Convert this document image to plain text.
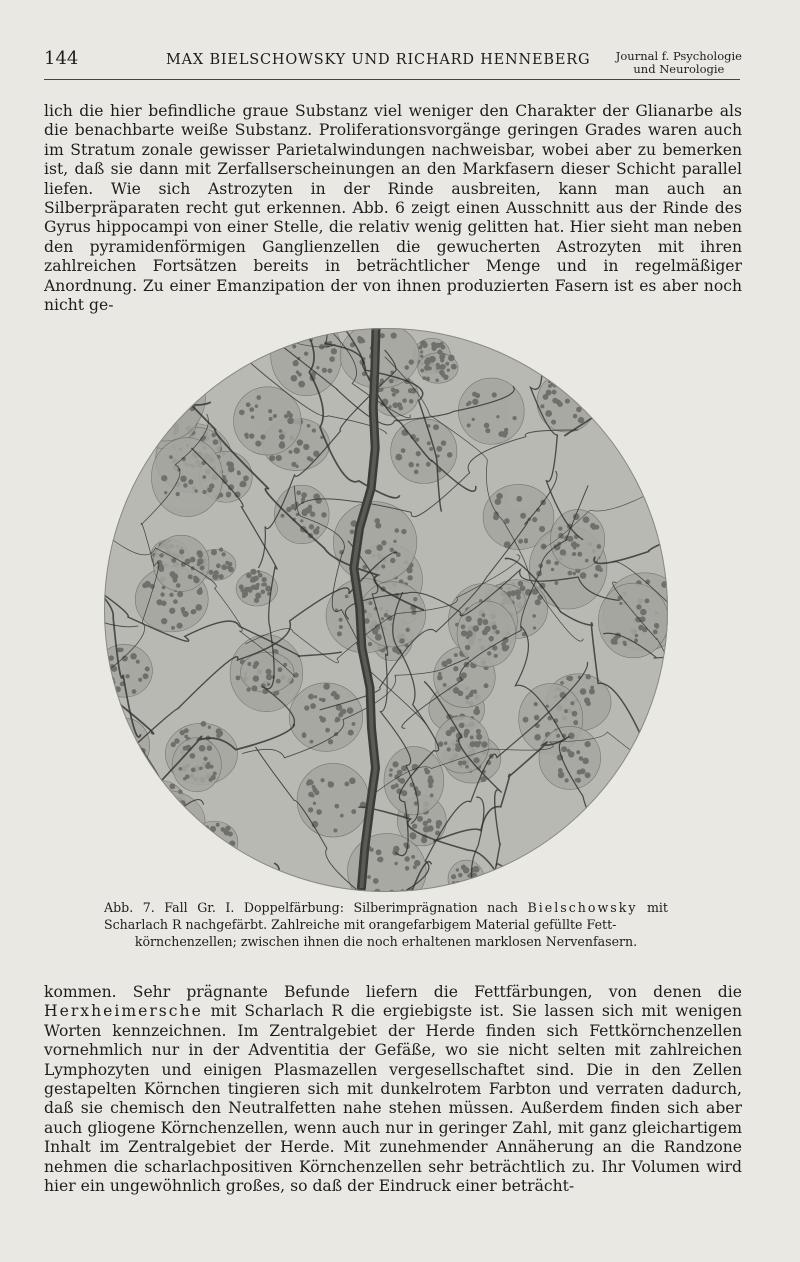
144	MAX BIELSCHOWSKY UND RICHARD HENNEBERG Journal f. Psychologie
und Neurologie

lich die hier befindliche graue Substanz viel weniger den Charakter der Glianarbe als die benachbarte weiße Substanz. Proliferationsvorgänge geringen Grades waren auch im Stratum zonale gewisser Parietalwindungen nachweisbar, wobei aber zu bemerken ist, daß sie dann mit Zerfallserscheinungen an den Markfasern dieser Schicht parallel liefen. Wie sich Astrozyten in der Rinde ausbreiten, kann man auch an Silberpräparaten recht gut erkennen. Abb. 6 zeigt einen Ausschnitt aus der Rinde des Gyrus hippocampi von einer Stelle, die relativ wenig gelitten hat. Hier sieht man neben den pyramidenförmigen Ganglienzellen die gewucherten Astrozyten mit ihren zahlreichen Fortsätzen bereits in beträchtlicher Menge und in regelmäßiger Anordnung. Zu einer Emanzipation der von ihnen produzierten Fasern ist es aber noch nicht ge-

Abb. 7. Fall Gr. I. Doppelfärbung: Silberimprägnation nach Bielschowsky mit Scharlach R nachgefärbt. Zahlreiche mit orangefarbigem Material gefüllte Fett-
körnchenzellen; zwischen ihnen die noch erhaltenen marklosen Nervenfasern.

kommen. Sehr prägnante Befunde liefern die Fettfärbungen, von denen die Herxheimersche mit Scharlach R die ergiebigste ist. Sie lassen sich mit wenigen Worten kennzeichnen. Im Zentralgebiet der Herde finden sich Fettkörnchenzellen vornehmlich nur in der Adventitia der Gefäße, wo sie nicht selten mit zahlreichen Lymphozyten und einigen Plasmazellen vergesellschaftet sind. Die in den Zellen gestapelten Körnchen tingieren sich mit dunkelrotem Farbton und verraten dadurch, daß sie chemisch den Neutralfetten nahe stehen müssen. Außerdem finden sich aber auch gliogene Körnchenzellen, wenn auch nur in geringer Zahl, mit ganz gleichartigem Inhalt im Zentralgebiet der Herde. Mit zunehmender Annäherung an die Randzone nehmen die scharlachpositiven Körnchenzellen sehr beträchtlich zu. Ihr Volumen wird hier ein ungewöhnlich großes, so daß der Eindruck einer beträcht-
